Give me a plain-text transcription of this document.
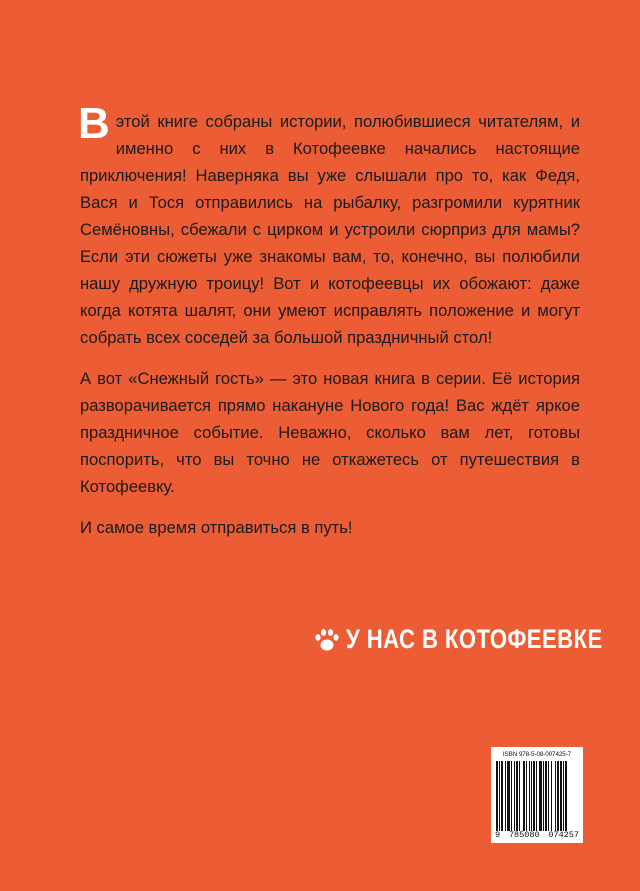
В этой книге собраны истории, полюбившиеся читателям, и именно с них в Котофеевке начались настоящие приключения! Наверняка вы уже слышали про то, как Федя, Вася и Тося отправились на рыбалку, разгромили курятник Семёновны, сбежали с цирком и устроили сюрприз для мамы? Если эти сюжеты уже знакомы вам, то, конечно, вы полюбили нашу дружную троицу! Вот и котофеевцы их обожают: даже когда котята шалят, они умеют исправлять положение и могут собрать всех соседей за большой праздничный стол!

А вот «Снежный гость» — это новая книга в серии. Её история разворачивается прямо накануне Нового года! Вас ждёт яркое праздничное событие. Неважно, сколько вам лет, готовы поспорить, что вы точно не откажетесь от путешествия в Котофеевку.

И самое время отправиться в путь!

У НАС В КОТОФЕЕВКЕ
ISBN 978-5-08-007425-7
9 785080 074257
